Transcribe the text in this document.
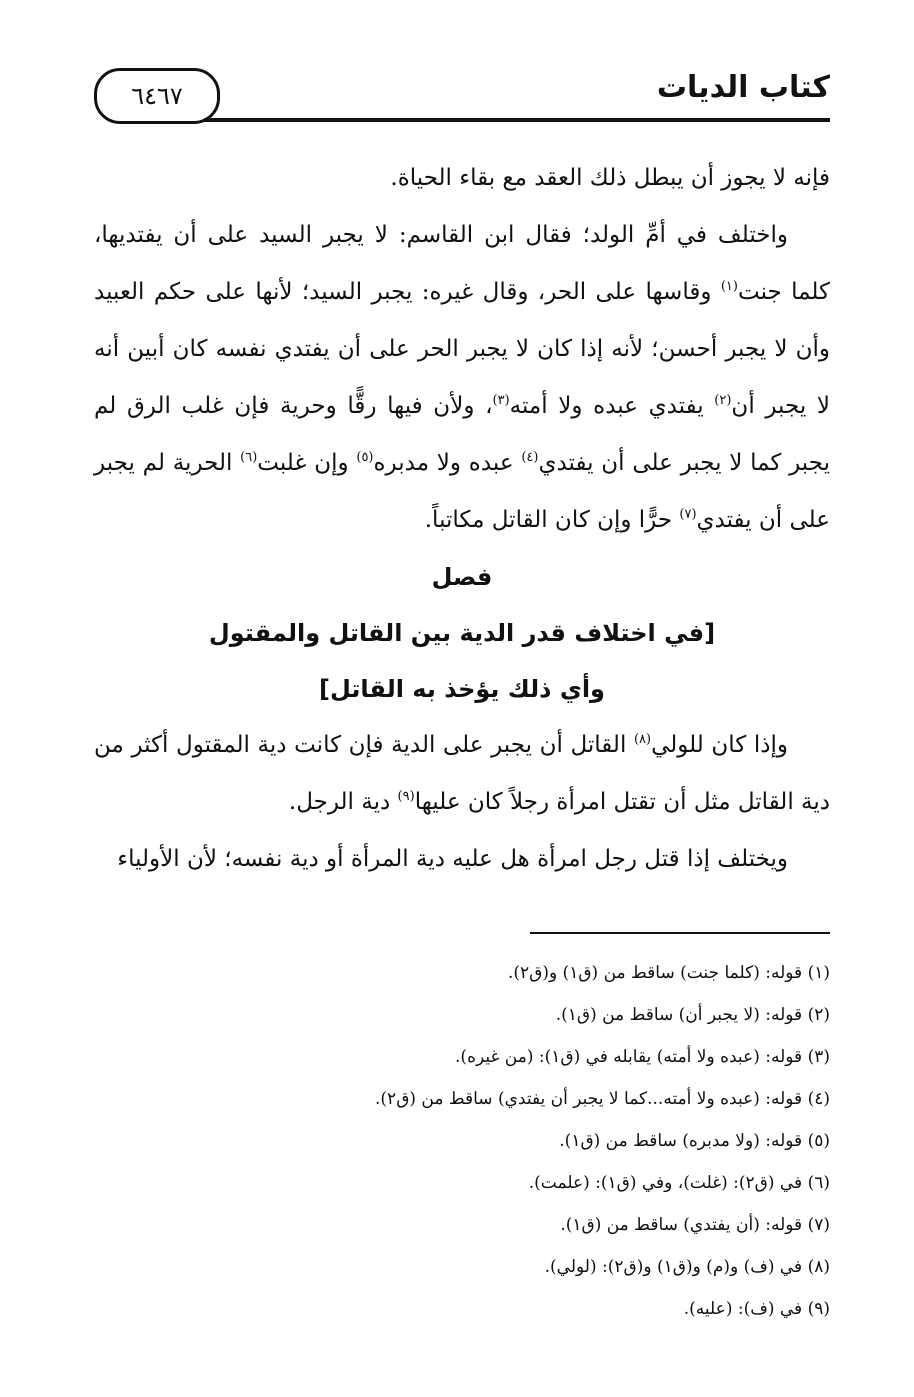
كتاب الديات
٦٤٦٧

فإنه لا يجوز أن يبطل ذلك العقد مع بقاء الحياة.

واختلف في أمِّ الولد؛ فقال ابن القاسم: لا يجبر السيد على أن يفتديها، كلما جنت$^{(١)}$ وقاسها على الحر، وقال غيره: يجبر السيد؛ لأنها على حكم العبيد وأن لا يجبر أحسن؛ لأنه إذا كان لا يجبر الحر على أن يفتدي نفسه كان أبين أنه لا يجبر أن$^{(٢)}$ يفتدي عبده ولا أمته$^{(٣)}$، ولأن فيها رقًّا وحرية فإن غلب الرق لم يجبر كما لا يجبر على أن يفتدي$^{(٤)}$ عبده ولا مدبره$^{(٥)}$ وإن غلبت$^{(٦)}$ الحرية لم يجبر على أن يفتدي$^{(٧)}$ حرًّا وإن كان القاتل مكاتباً.

فصل
[في اختلاف قدر الدية بين القاتل والمقتول
وأي ذلك يؤخذ به القاتل]

وإذا كان للولي$^{(٨)}$ القاتل أن يجبر على الدية فإن كانت دية المقتول أكثر من دية القاتل مثل أن تقتل امرأة رجلاً كان عليها$^{(٩)}$ دية الرجل.

ويختلف إذا قتل رجل امرأة هل عليه دية المرأة أو دية نفسه؛ لأن الأولياء

(١) قوله: (كلما جنت) ساقط من (ق١) و(ق٢).
(٢) قوله: (لا يجبر أن) ساقط من (ق١).
(٣) قوله: (عبده ولا أمته) يقابله في (ق١): (من غيره).
(٤) قوله: (عبده ولا أمته...كما لا يجبر أن يفتدي) ساقط من (ق٢).
(٥) قوله: (ولا مدبره) ساقط من (ق١).
(٦) في (ق٢): (غلت)، وفي (ق١): (علمت).
(٧) قوله: (أن يفتدي) ساقط من (ق١).
(٨) في (ف) و(م) و(ق١) و(ق٢): (لولي).
(٩) في (ف): (عليه).
